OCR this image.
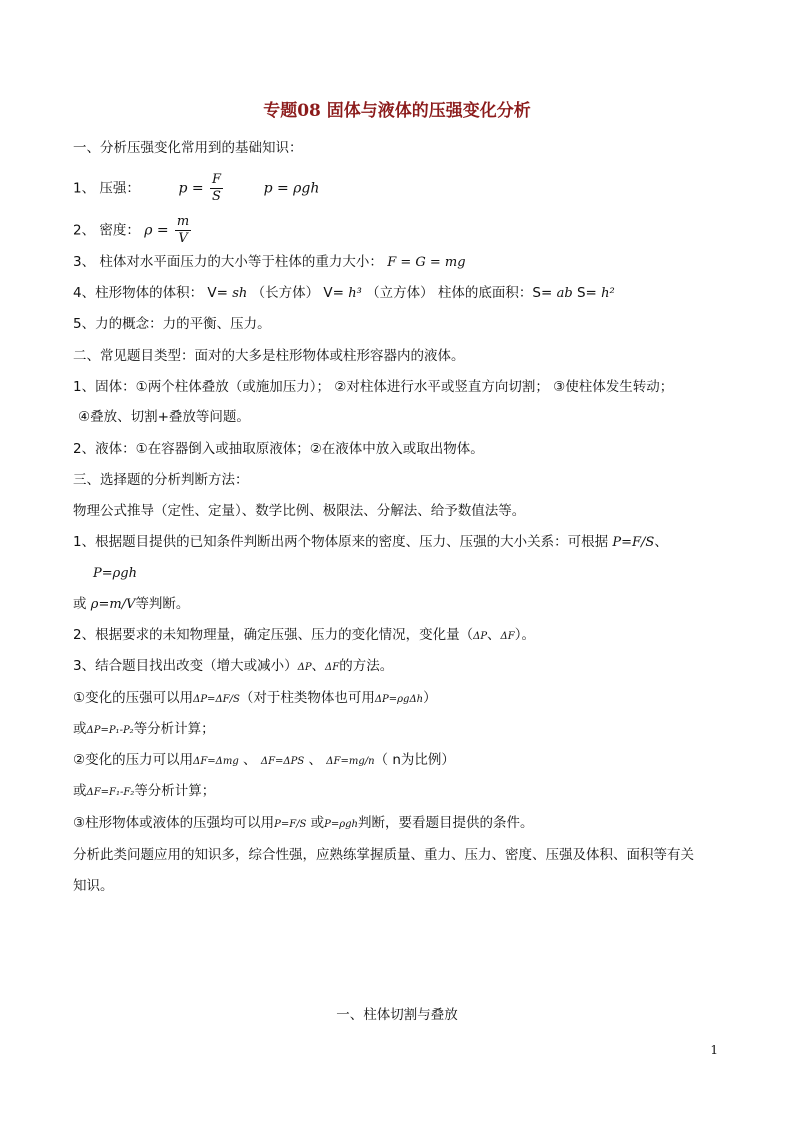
专题08 固体与液体的压强变化分析
一、分析压强变化常用到的基础知识：
1、 压强：	$p = \frac{F}{S}$	p = ρgh
2、 密度： $\rho = \frac{m}{V}$
3、 柱体对水平面压力的大小等于柱体的重力大小： F = G = mg
4、柱形物体的体积： V= sh （长方体） V= h³ （立方体） 柱体的底面积：S= ab S= h²
5、力的概念：力的平衡、压力。
二、常见题目类型：面对的大多是柱形物体或柱形容器内的液体。
1、固体：①两个柱体叠放（或施加压力）； ②对柱体进行水平或竖直方向切割； ③使柱体发生转动；
④叠放、切割+叠放等问题。
2、液体：①在容器倒入或抽取原液体；②在液体中放入或取出物体。
三、选择题的分析判断方法：
物理公式推导（定性、定量）、数学比例、极限法、分解法、给予数值法等。
1、根据题目提供的已知条件判断出两个物体原来的密度、压力、压强的大小关系：可根据 P=F/S、
P=ρgh
或 ρ=m/V等判断。
2、根据要求的未知物理量，确定压强、压力的变化情况，变化量（ΔP、ΔF）。
3、结合题目找出改变（增大或减小）ΔP、ΔF的方法。
①变化的压强可以用ΔP=ΔF/S（对于柱类物体也可用ΔP=ρgΔh）
或ΔP=P₁-P₂等分析计算；
②变化的压力可以用ΔF=Δmg 、 ΔF=ΔPS 、 ΔF=mg/n（ n为比例）
或ΔF=F₁-F₂等分析计算；
③柱形物体或液体的压强均可以用P=F/S 或P=ρgh判断，要看题目提供的条件。
分析此类问题应用的知识多，综合性强，应熟练掌握质量、重力、压力、密度、压强及体积、面积等有关
知识。
一、柱体切割与叠放
1
